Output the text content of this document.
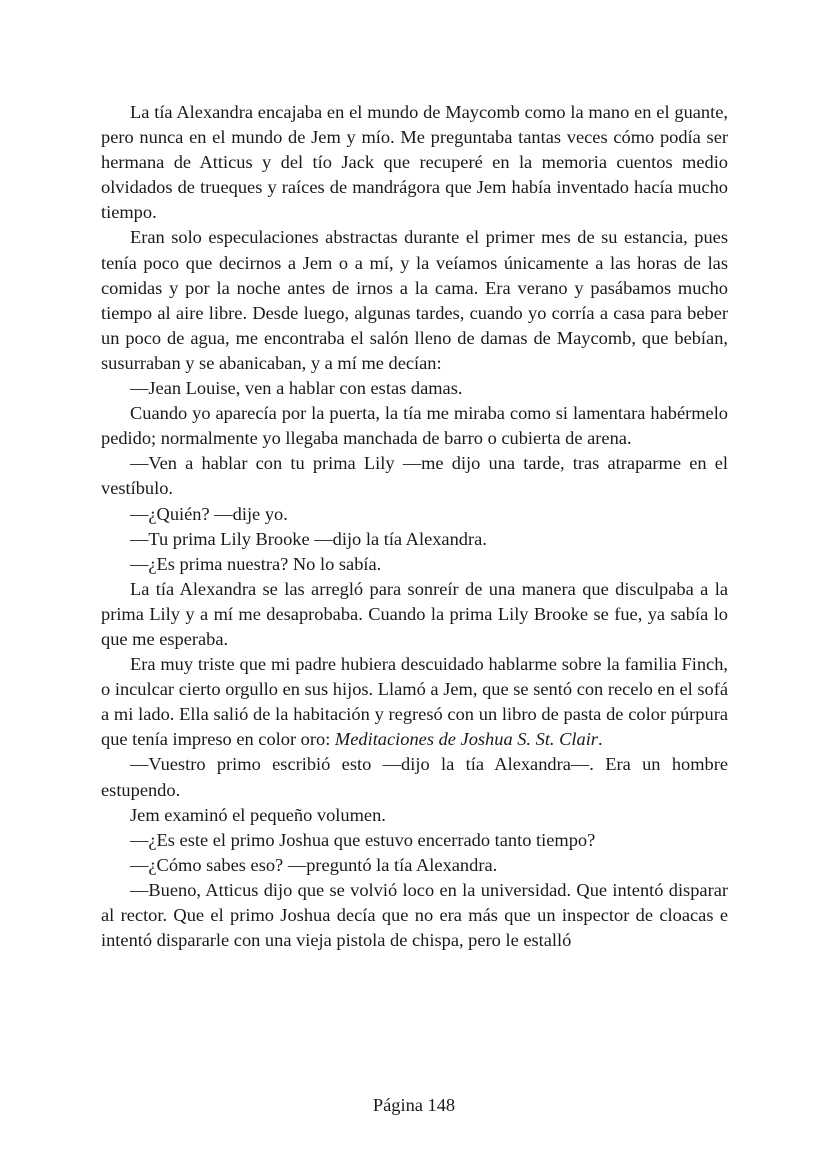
La tía Alexandra encajaba en el mundo de Maycomb como la mano en el guante, pero nunca en el mundo de Jem y mío. Me preguntaba tantas veces cómo podía ser hermana de Atticus y del tío Jack que recuperé en la memoria cuentos medio olvidados de trueques y raíces de mandrágora que Jem había inventado hacía mucho tiempo.

Eran solo especulaciones abstractas durante el primer mes de su estancia, pues tenía poco que decirnos a Jem o a mí, y la veíamos únicamente a las horas de las comidas y por la noche antes de irnos a la cama. Era verano y pasábamos mucho tiempo al aire libre. Desde luego, algunas tardes, cuando yo corría a casa para beber un poco de agua, me encontraba el salón lleno de damas de Maycomb, que bebían, susurraban y se abanicaban, y a mí me decían:

—Jean Louise, ven a hablar con estas damas.

Cuando yo aparecía por la puerta, la tía me miraba como si lamentara habérmelo pedido; normalmente yo llegaba manchada de barro o cubierta de arena.

—Ven a hablar con tu prima Lily —me dijo una tarde, tras atraparme en el vestíbulo.

—¿Quién? —dije yo.

—Tu prima Lily Brooke —dijo la tía Alexandra.

—¿Es prima nuestra? No lo sabía.

La tía Alexandra se las arregló para sonreír de una manera que disculpaba a la prima Lily y a mí me desaprobaba. Cuando la prima Lily Brooke se fue, ya sabía lo que me esperaba.

Era muy triste que mi padre hubiera descuidado hablarme sobre la familia Finch, o inculcar cierto orgullo en sus hijos. Llamó a Jem, que se sentó con recelo en el sofá a mi lado. Ella salió de la habitación y regresó con un libro de pasta de color púrpura que tenía impreso en color oro: Meditaciones de Joshua S. St. Clair.

—Vuestro primo escribió esto —dijo la tía Alexandra—. Era un hombre estupendo.

Jem examinó el pequeño volumen.

—¿Es este el primo Joshua que estuvo encerrado tanto tiempo?

—¿Cómo sabes eso? —preguntó la tía Alexandra.

—Bueno, Atticus dijo que se volvió loco en la universidad. Que intentó disparar al rector. Que el primo Joshua decía que no era más que un inspector de cloacas e intentó dispararle con una vieja pistola de chispa, pero le estalló

Página 148
